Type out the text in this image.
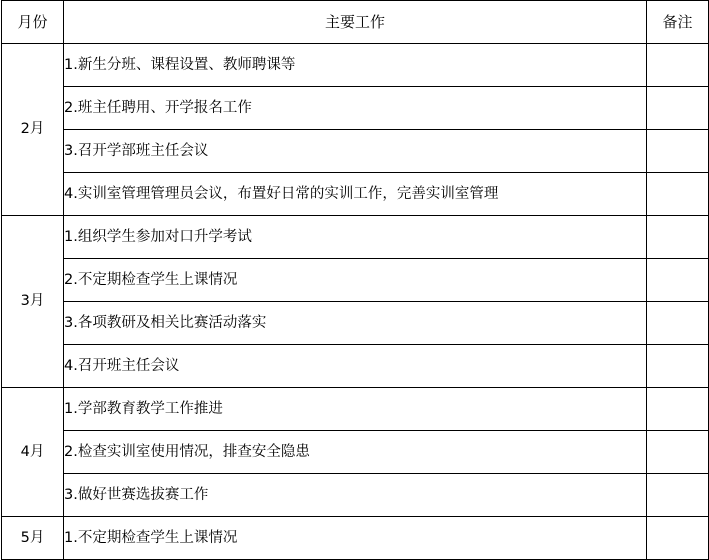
月份	主要工作	备注
2月	1.新生分班、课程设置、教师聘课等	
	2.班主任聘用、开学报名工作	
	3.召开学部班主任会议	
	4.实训室管理管理员会议，布置好日常的实训工作，完善实训室管理	
3月	1.组织学生参加对口升学考试	
	2.不定期检查学生上课情况	
	3.各项教研及相关比赛活动落实	
	4.召开班主任会议	
4月	1.学部教育教学工作推进	
	2.检查实训室使用情况，排查安全隐患	
	3.做好世赛选拔赛工作	
5月	1.不定期检查学生上课情况	
